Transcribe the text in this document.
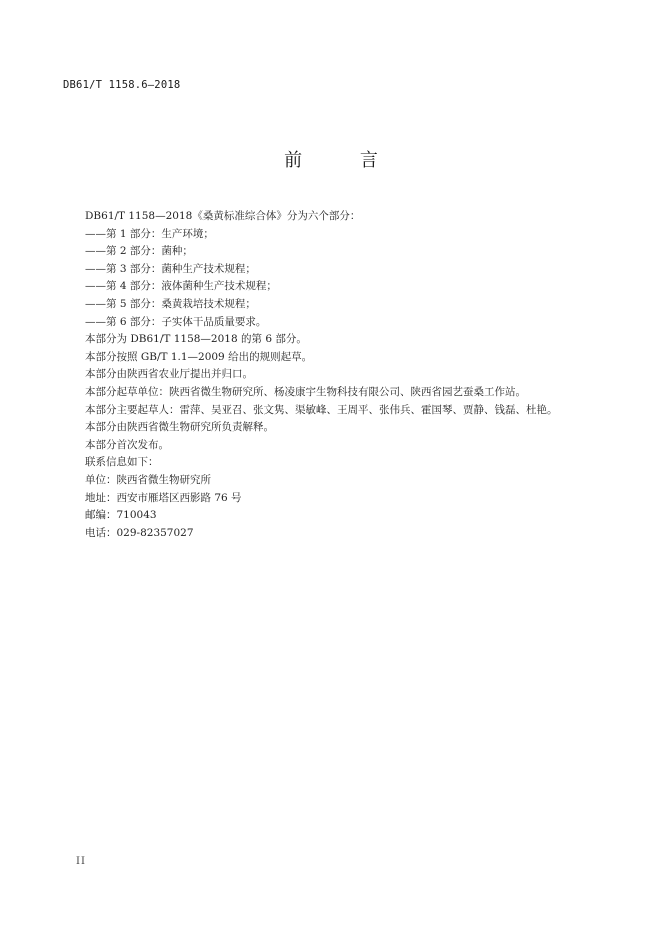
DB61/T 1158.6—2018
前 言
DB61/T 1158—2018《桑黄标准综合体》分为六个部分：
——第 1 部分：生产环境；
——第 2 部分：菌种；
——第 3 部分：菌种生产技术规程；
——第 4 部分：液体菌种生产技术规程；
——第 5 部分：桑黄栽培技术规程；
——第 6 部分：子实体干品质量要求。
本部分为 DB61/T 1158—2018 的第 6 部分。
本部分按照 GB/T 1.1—2009 给出的规则起草。
本部分由陕西省农业厅提出并归口。
本部分起草单位：陕西省微生物研究所、杨凌康宇生物科技有限公司、陕西省园艺蚕桑工作站。
本部分主要起草人：雷萍、吴亚召、张文隽、渠敏峰、王周平、张伟兵、霍国琴、贾静、钱磊、杜艳。
本部分由陕西省微生物研究所负责解释。
本部分首次发布。
联系信息如下：
单位：陕西省微生物研究所
地址：西安市雁塔区西影路 76 号
邮编：710043
电话：029-82357027
II
